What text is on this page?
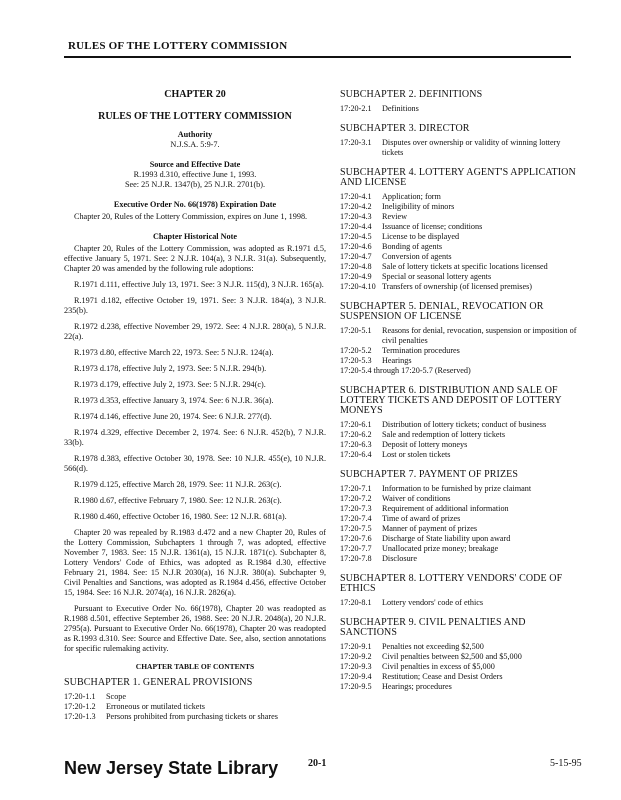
RULES OF THE LOTTERY COMMISSION
CHAPTER 20
RULES OF THE LOTTERY COMMISSION
Authority
N.J.S.A. 5:9-7.
Source and Effective Date
R.1993 d.310, effective June 1, 1993.
See: 25 N.J.R. 1347(b), 25 N.J.R. 2701(b).
Executive Order No. 66(1978) Expiration Date
Chapter 20, Rules of the Lottery Commission, expires on June 1, 1998.
Chapter Historical Note

Chapter 20, Rules of the Lottery Commission, was adopted as R.1971 d.5, effective January 5, 1971. See: 2 N.J.R. 104(a), 3 N.J.R. 31(a). Subsequently, Chapter 20 was amended by the following rule adoptions:

R.1971 d.111, effective July 13, 1971. See: 3 N.J.R. 115(d), 3 N.J.R. 165(a).

R.1971 d.182, effective October 19, 1971. See: 3 N.J.R. 184(a), 3 N.J.R. 235(b).

R.1972 d.238, effective November 29, 1972. See: 4 N.J.R. 280(a), 5 N.J.R. 22(a).

R.1973 d.80, effective March 22, 1973. See: 5 N.J.R. 124(a).

R.1973 d.178, effective July 2, 1973. See: 5 N.J.R. 294(b).

R.1973 d.179, effective July 2, 1973. See: 5 N.J.R. 294(c).

R.1973 d.353, effective January 3, 1974. See: 6 N.J.R. 36(a).

R.1974 d.146, effective June 20, 1974. See: 6 N.J.R. 277(d).

R.1974 d.329, effective December 2, 1974. See: 6 N.J.R. 452(b), 7 N.J.R. 33(b).

R.1978 d.383, effective October 30, 1978. See: 10 N.J.R. 455(e), 10 N.J.R. 566(d).

R.1979 d.125, effective March 28, 1979. See: 11 N.J.R. 263(c).

R.1980 d.67, effective February 7, 1980. See: 12 N.J.R. 263(c).

R.1980 d.460, effective October 16, 1980. See: 12 N.J.R. 681(a).

Chapter 20 was repealed by R.1983 d.472 and a new Chapter 20, Rules of the Lottery Commission, Subchapters 1 through 7, was adopted, effective November 7, 1983. See: 15 N.J.R. 1361(a), 15 N.J.R. 1871(c). Subchapter 8, Lottery Vendors' Code of Ethics, was adopted as R.1984 d.30, effective February 21, 1984. See: 15 N.J.R 2030(a), 16 N.J.R. 380(a). Subchapter 9, Civil Penalties and Sanctions, was adopted as R.1984 d.456, effective October 15, 1984. See: 16 N.J.R. 2074(a), 16 N.J.R. 2826(a).

Pursuant to Executive Order No. 66(1978), Chapter 20 was readopted as R.1988 d.501, effective September 26, 1988. See: 20 N.J.R. 2048(a), 20 N.J.R. 2795(a). Pursuant to Executive Order No. 66(1978), Chapter 20 was readopted as R.1993 d.310. See: Source and Effective Date. See, also, section annotations for specific rulemaking activity.

CHAPTER TABLE OF CONTENTS
SUBCHAPTER 1. GENERAL PROVISIONS
17:20-1.1	Scope
17:20-1.2	Erroneous or mutilated tickets
17:20-1.3	Persons prohibited from purchasing tickets or shares
SUBCHAPTER 2. DEFINITIONS
17:20-2.1	Definitions
SUBCHAPTER 3. DIRECTOR
17:20-3.1	Disputes over ownership or validity of winning lottery tickets
SUBCHAPTER 4. LOTTERY AGENT'S APPLICATION AND LICENSE
17:20-4.1	Application; form
17:20-4.2	Ineligibility of minors
17:20-4.3	Review
17:20-4.4	Issuance of license; conditions
17:20-4.5	License to be displayed
17:20-4.6	Bonding of agents
17:20-4.7	Conversion of agents
17:20-4.8	Sale of lottery tickets at specific locations licensed
17:20-4.9	Special or seasonal lottery agents
17:20-4.10 Transfers of ownership (of licensed premises)
SUBCHAPTER 5. DENIAL, REVOCATION OR SUSPENSION OF LICENSE
17:20-5.1	Reasons for denial, revocation, suspension or imposition of civil penalties
17:20-5.2	Termination procedures
17:20-5.3	Hearings
17:20-5.4 through 17:20-5.7 (Reserved)
SUBCHAPTER 6. DISTRIBUTION AND SALE OF LOTTERY TICKETS AND DEPOSIT OF LOTTERY MONEYS
17:20-6.1	Distribution of lottery tickets; conduct of business
17:20-6.2	Sale and redemption of lottery tickets
17:20-6.3	Deposit of lottery moneys
17:20-6.4	Lost or stolen tickets
SUBCHAPTER 7. PAYMENT OF PRIZES
17:20-7.1	Information to be furnished by prize claimant
17:20-7.2	Waiver of conditions
17:20-7.3	Requirement of additional information
17:20-7.4	Time of award of prizes
17:20-7.5	Manner of payment of prizes
17:20-7.6	Discharge of State liability upon award
17:20-7.7	Unallocated prize money; breakage
17:20-7.8	Disclosure
SUBCHAPTER 8. LOTTERY VENDORS' CODE OF ETHICS
17:20-8.1	Lottery vendors' code of ethics
SUBCHAPTER 9. CIVIL PENALTIES AND SANCTIONS
17:20-9.1	Penalties not exceeding $2,500
17:20-9.2	Civil penalties between $2,500 and $5,000
17:20-9.3	Civil penalties in excess of $5,000
17:20-9.4	Restitution; Cease and Desist Orders
17:20-9.5	Hearings; procedures
New Jersey State Library	20-1	5-15-95
